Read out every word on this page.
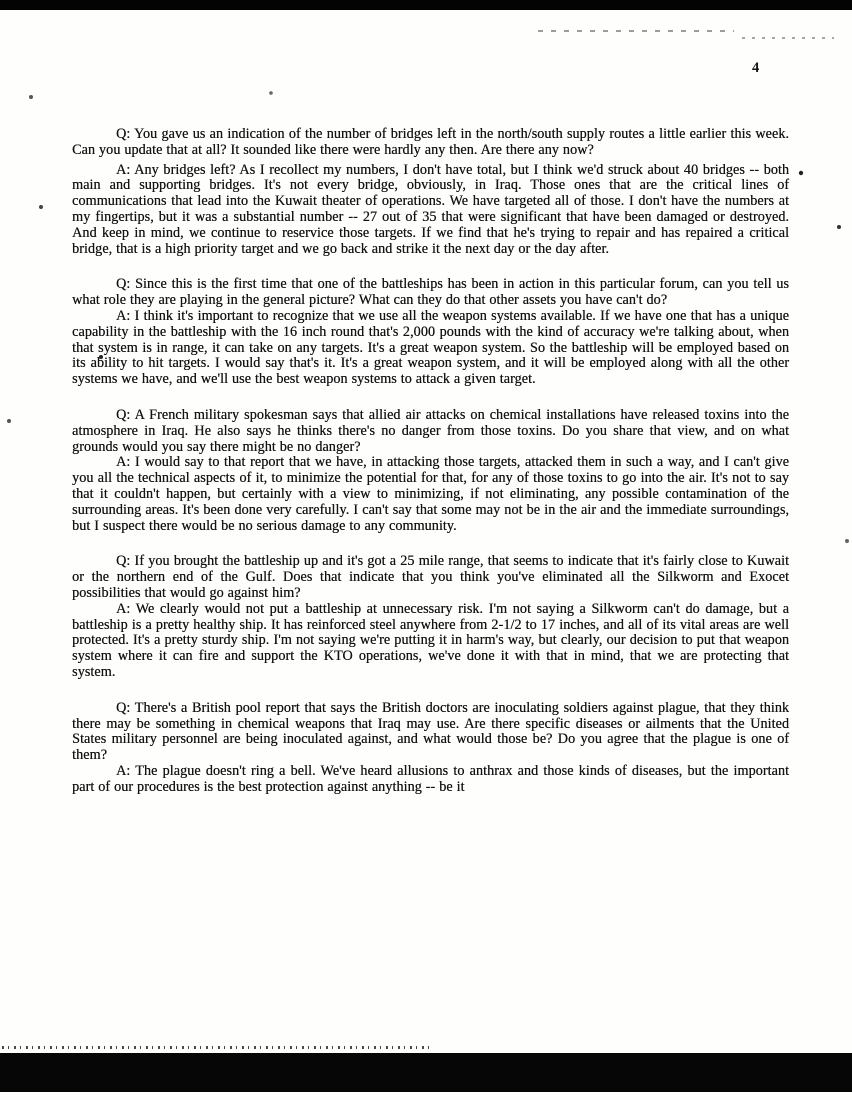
4

Q: You gave us an indication of the number of bridges left in the north/south supply routes a little earlier this week. Can you update that at all? It sounded like there were hardly any then. Are there any now?

A: Any bridges left? As I recollect my numbers, I don't have total, but I think we'd struck about 40 bridges -- both main and supporting bridges. It's not every bridge, obviously, in Iraq. Those ones that are the critical lines of communications that lead into the Kuwait theater of operations. We have targeted all of those. I don't have the numbers at my fingertips, but it was a substantial number -- 27 out of 35 that were significant that have been damaged or destroyed. And keep in mind, we continue to reservice those targets. If we find that he's trying to repair and has repaired a critical bridge, that is a high priority target and we go back and strike it the next day or the day after.

Q: Since this is the first time that one of the battleships has been in action in this particular forum, can you tell us what role they are playing in the general picture? What can they do that other assets you have can't do?

A: I think it's important to recognize that we use all the weapon systems available. If we have one that has a unique capability in the battleship with the 16 inch round that's 2,000 pounds with the kind of accuracy we're talking about, when that system is in range, it can take on any targets. It's a great weapon system. So the battleship will be employed based on its ability to hit targets. I would say that's it. It's a great weapon system, and it will be employed along with all the other systems we have, and we'll use the best weapon systems to attack a given target.

Q: A French military spokesman says that allied air attacks on chemical installations have released toxins into the atmosphere in Iraq. He also says he thinks there's no danger from those toxins. Do you share that view, and on what grounds would you say there might be no danger?

A: I would say to that report that we have, in attacking those targets, attacked them in such a way, and I can't give you all the technical aspects of it, to minimize the potential for that, for any of those toxins to go into the air. It's not to say that it couldn't happen, but certainly with a view to minimizing, if not eliminating, any possible contamination of the surrounding areas. It's been done very carefully. I can't say that some may not be in the air and the immediate surroundings, but I suspect there would be no serious damage to any community.

Q: If you brought the battleship up and it's got a 25 mile range, that seems to indicate that it's fairly close to Kuwait or the northern end of the Gulf. Does that indicate that you think you've eliminated all the Silkworm and Exocet possibilities that would go against him?

A: We clearly would not put a battleship at unnecessary risk. I'm not saying a Silkworm can't do damage, but a battleship is a pretty healthy ship. It has reinforced steel anywhere from 2-1/2 to 17 inches, and all of its vital areas are well protected. It's a pretty sturdy ship. I'm not saying we're putting it in harm's way, but clearly, our decision to put that weapon system where it can fire and support the KTO operations, we've done it with that in mind, that we are protecting that system.

Q: There's a British pool report that says the British doctors are inoculating soldiers against plague, that they think there may be something in chemical weapons that Iraq may use. Are there specific diseases or ailments that the United States military personnel are being inoculated against, and what would those be? Do you agree that the plague is one of them?

A: The plague doesn't ring a bell. We've heard allusions to anthrax and those kinds of diseases, but the important part of our procedures is the best protection against anything -- be it
